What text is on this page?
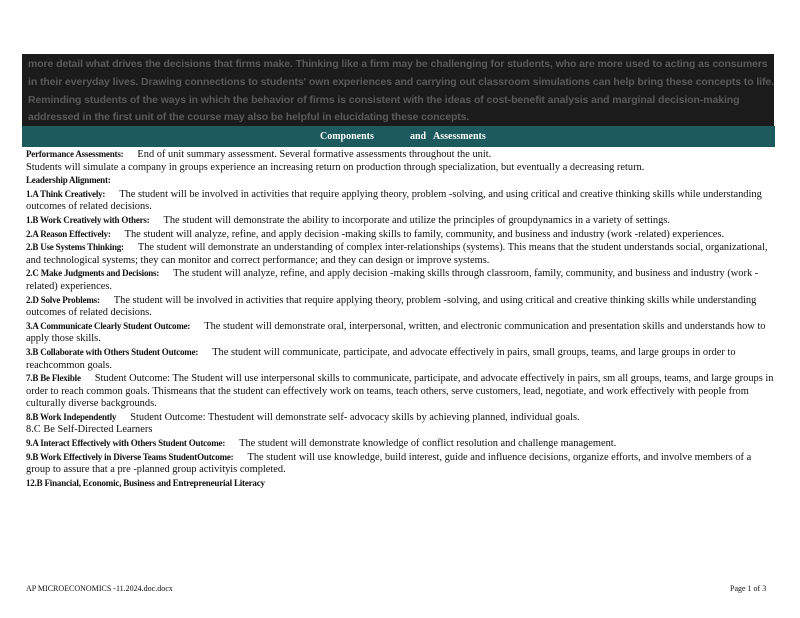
more detail what drives the decisions that firms make. Thinking like a firm may be challenging for students, who are more used to acting as consumers
in their everyday lives. Drawing connections to students' own experiences and carrying out classroom simulations can help bring these concepts to life.
Reminding students of the ways in which the behavior of firms is consistent with the ideas of cost-benefit analysis and marginal decision-making
addressed in the first unit of the course may also be helpful in elucidating these concepts.
Components	and Assessments

Performance Assessments: End of unit summary assessment. Several formative assessments throughout the unit.

Students will simulate a company in groups experience an increasing return on production through specialization, but eventually a decreasing return.

Leadership Alignment:

1.A Think Creatively: The student will be involved in activities that require applying theory, problem -solving, and using critical and creative thinking skills while understanding outcomes of related decisions.

1.B Work Creatively with Others: The student will demonstrate the ability to incorporate and utilize the principles of groupdynamics in a variety of settings.

2.A Reason Effectively: The student will analyze, refine, and apply decision -making skills to family, community, and business and industry (work -related) experiences.

2.B Use Systems Thinking: The student will demonstrate an understanding of complex inter-relationships (systems). This means that the student understands social, organizational, and technological systems; they can monitor and correct performance; and they can design or improve systems.

2.C Make Judgments and Decisions: The student will analyze, refine, and apply decision -making skills through classroom, family, community, and business and industry (work -related) experiences.

2.D Solve Problems: The student will be involved in activities that require applying theory, problem -solving, and using critical and creative thinking skills while understanding outcomes of related decisions.

3.A Communicate Clearly Student Outcome: The student will demonstrate oral, interpersonal, written, and electronic communication and presentation skills and understands how to apply those skills.

3.B Collaborate with Others Student Outcome: The student will communicate, participate, and advocate effectively in pairs, small groups, teams, and large groups in order to reachcommon goals.

7.B Be Flexible Student Outcome: The Student will use interpersonal skills to communicate, participate, and advocate effectively in pairs, sm all groups, teams, and large groups in order to reach common goals. Thismeans that the student can effectively work on teams, teach others, serve customers, lead, negotiate, and work effectively with people from culturally diverse backgrounds.

8.B Work Independently Student Outcome: Thestudent will demonstrate self- advocacy skills by achieving planned, individual goals.

8.C Be Self-Directed Learners

9.A Interact Effectively with Others Student Outcome: The student will demonstrate knowledge of conflict resolution and challenge management.

9.B Work Effectively in Diverse Teams StudentOutcome: The student will use knowledge, build interest, guide and influence decisions, organize efforts, and involve members of a group to assure that a pre -planned group activityis completed.

12.B Financial, Economic, Business and Entrepreneurial Literacy

AP MICROECONOMICS -11.2024.doc.docx	Page 1 of 3
